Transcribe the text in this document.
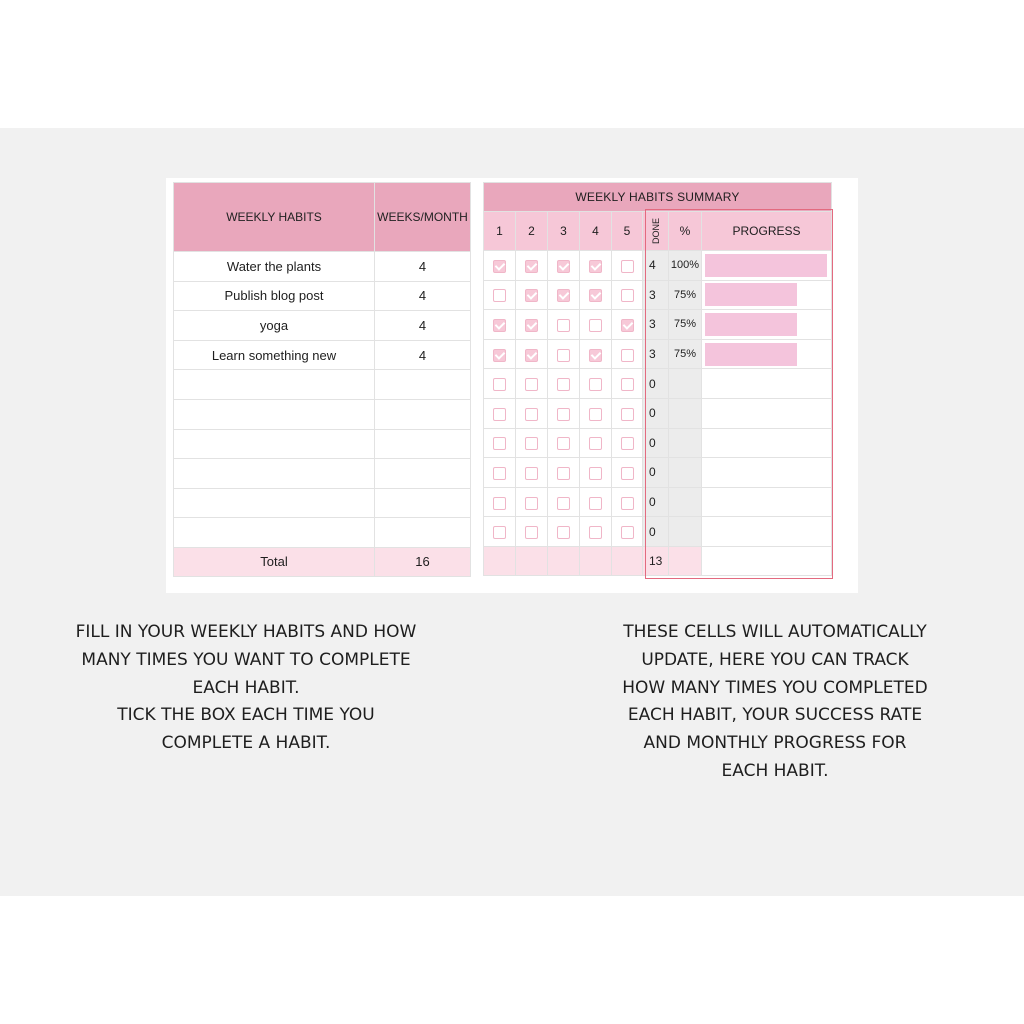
WEEKLY HABITS	WEEKS/MONTH
Water the plants	4
Publish blog post	4
yoga	4
Learn something new	4

Total	16
WEEKLY HABITS SUMMARY							
1	2	3	4	5	DONE	%	PROGRESS
					4	100%	

					3	75%	

					3	75%	

					3	75%	

					0		
					0		
					0		
					0		
					0		
					0		
					13		
FILL IN YOUR WEEKLY HABITS AND HOW
MANY TIMES YOU WANT TO COMPLETE
EACH HABIT.
TICK THE BOX EACH TIME YOU
COMPLETE A HABIT.
THESE CELLS WILL AUTOMATICALLY
UPDATE, HERE YOU CAN TRACK
HOW MANY TIMES YOU COMPLETED
EACH HABIT, YOUR SUCCESS RATE
AND MONTHLY PROGRESS FOR
EACH HABIT.
